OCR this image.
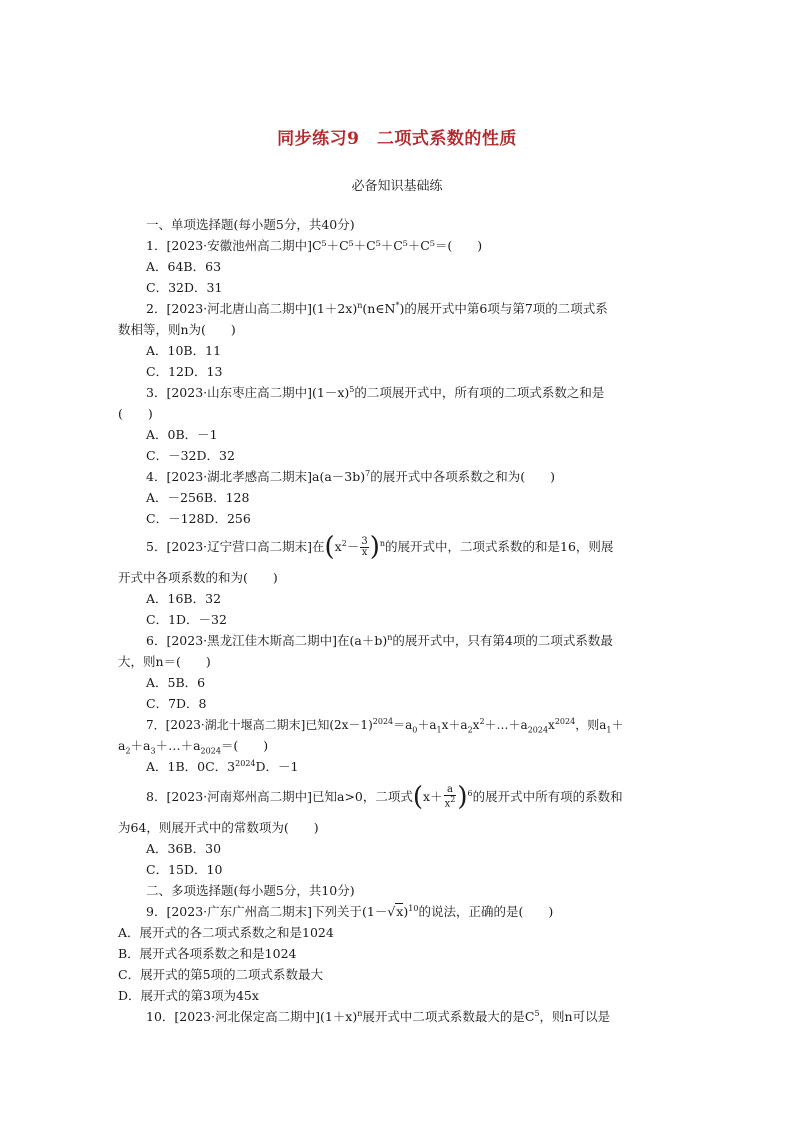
同步练习9　二项式系数的性质
必备知识基础练
一、单项选择题(每小题5分，共40分)
1．[2023·安徽池州高二期中]C⁵＋C⁵＋C⁵＋C⁵＋C⁵＝(　　)
A．64B．63
C．32D．31
2．[2023·河北唐山高二期中]$(1+2x)^n(n\in N^*)$的展开式中第6项与第7项的二项式系
数相等，则n为(　　)
A．10B．11
C．12D．13
3．[2023·山东枣庄高二期中]$(1-x)^5$的二项展开式中，所有项的二项式系数之和是
(　　)
A．0B．－1
C．－32D．32
4．[2023·湖北孝感高二期末]$a(a-3b)^7$的展开式中各项系数之和为(　　)
A．－256B．128
C．－128D．256
5．[2023·辽宁营口高二期末]在$(x^2- \frac{3}{x} )^n$的展开式中，二项式系数的和是16，则展
开式中各项系数的和为(　　)
A．16B．32
C．1D．－32
6．[2023·黑龙江佳木斯高二期中]在$(a+b)^n$的展开式中，只有第4项的二项式系数最
大，则n＝(　　)
A．5B．6
C．7D．8
7．[2023·湖北十堰高二期末]已知$(2x-1)^{2024}=a_0+a_1x+a_2x^2+\dots+a_{2024}x^{2024}$，则$a_1+$
$a_2+a_3+\dots+a_{2024}=$(　　)
A．1B．0C．$3^{2024}D$．－1
8．[2023·河南郑州高二期中]已知a>0，二项式$(x+ \frac{a}{x^2} )^6$的展开式中所有项的系数和
为64，则展开式中的常数项为(　　)
A．36B．30
C．15D．10
二、多项选择题(每小题5分，共10分)
9．[2023·广东广州高二期末]下列关于$(1-√x)^{10}$的说法，正确的是(　　)
A．展开式的各二项式系数之和是1024
B．展开式各项系数之和是1024
C．展开式的第5项的二项式系数最大
D．展开式的第3项为45x
10．[2023·河北保定高二期中]$(1+x)^n$展开式中二项式系数最大的是$C^5$，则n可以是
